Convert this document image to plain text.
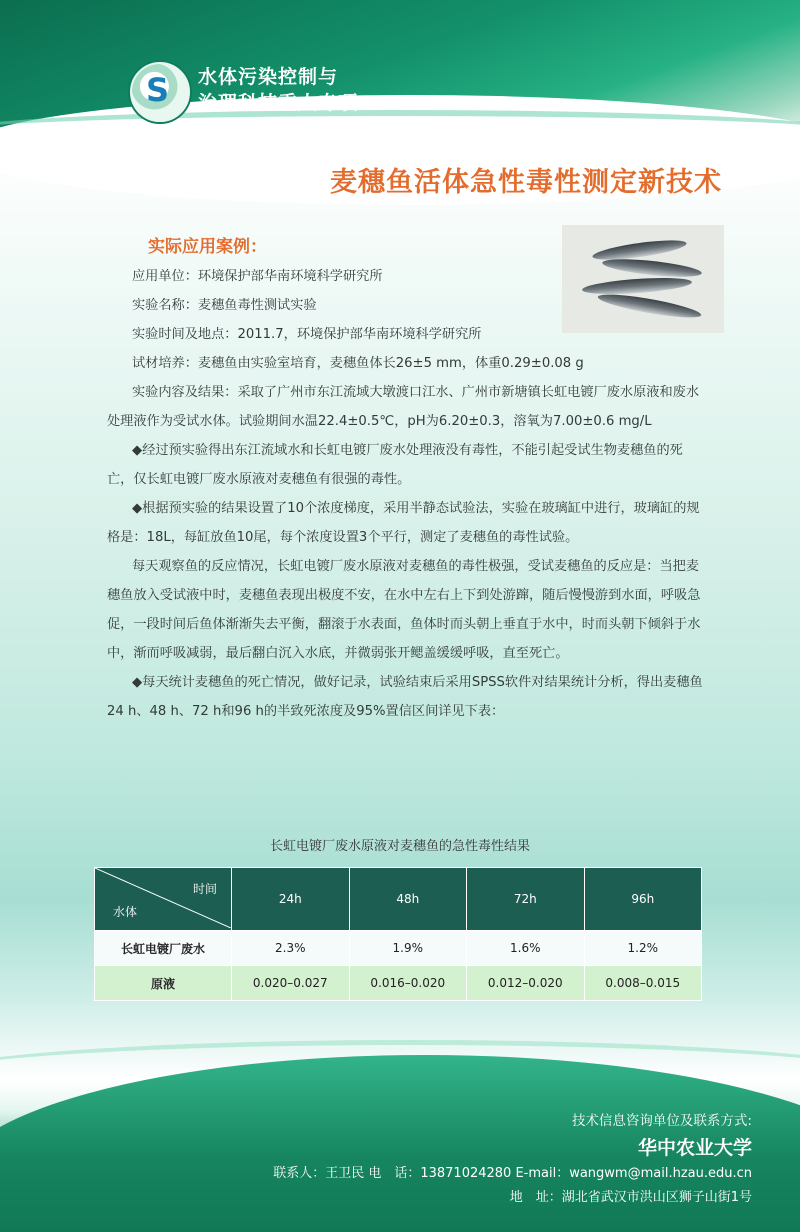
S 水体污染控制与
治理科技重大专项
麦穗鱼活体急性毒性测定新技术
实际应用案例：

应用单位：环境保护部华南环境科学研究所

实验名称：麦穗鱼毒性测试实验

实验时间及地点：2011.7，环境保护部华南环境科学研究所

试材培养：麦穗鱼由实验室培育，麦穗鱼体长26±5 mm，体重0.29±0.08 g

实验内容及结果：采取了广州市东江流域大墩渡口江水、广州市新塘镇长虹电镀厂废水原液和废水处理液作为受试水体。试验期间水温22.4±0.5℃，pH为6.20±0.3，溶氧为7.00±0.6 mg/L

◆经过预实验得出东江流域水和长虹电镀厂废水处理液没有毒性，不能引起受试生物麦穗鱼的死亡，仅长虹电镀厂废水原液对麦穗鱼有很强的毒性。

◆根据预实验的结果设置了10个浓度梯度，采用半静态试验法，实验在玻璃缸中进行，玻璃缸的规格是：18L，每缸放鱼10尾，每个浓度设置3个平行，测定了麦穗鱼的毒性试验。

每天观察鱼的反应情况，长虹电镀厂废水原液对麦穗鱼的毒性极强，受试麦穗鱼的反应是：当把麦穗鱼放入受试液中时，麦穗鱼表现出极度不安，在水中左右上下到处游蹿，随后慢慢游到水面，呼吸急促，一段时间后鱼体渐渐失去平衡，翻滚于水表面，鱼体时而头朝上垂直于水中，时而头朝下倾斜于水中，渐而呼吸减弱，最后翻白沉入水底，并微弱张开鳃盖缓缓呼吸，直至死亡。

◆每天统计麦穗鱼的死亡情况，做好记录，试验结束后采用SPSS软件对结果统计分析，得出麦穗鱼24 h、48 h、72 h和96 h的半致死浓度及95%置信区间详见下表：

长虹电镀厂废水原液对麦穗鱼的急性毒性结果
时间
水体	24h	48h	72h	96h
长虹电镀厂废水	2.3%	1.9%	1.6%	1.2%
原液	0.020–0.027	0.016–0.020	0.012–0.020	0.008–0.015
技术信息咨询单位及联系方式:
华中农业大学
联系人：王卫民 电　话：13871024280 E-mail：wangwm@mail.hzau.edu.cn
地　址：湖北省武汉市洪山区狮子山街1号
